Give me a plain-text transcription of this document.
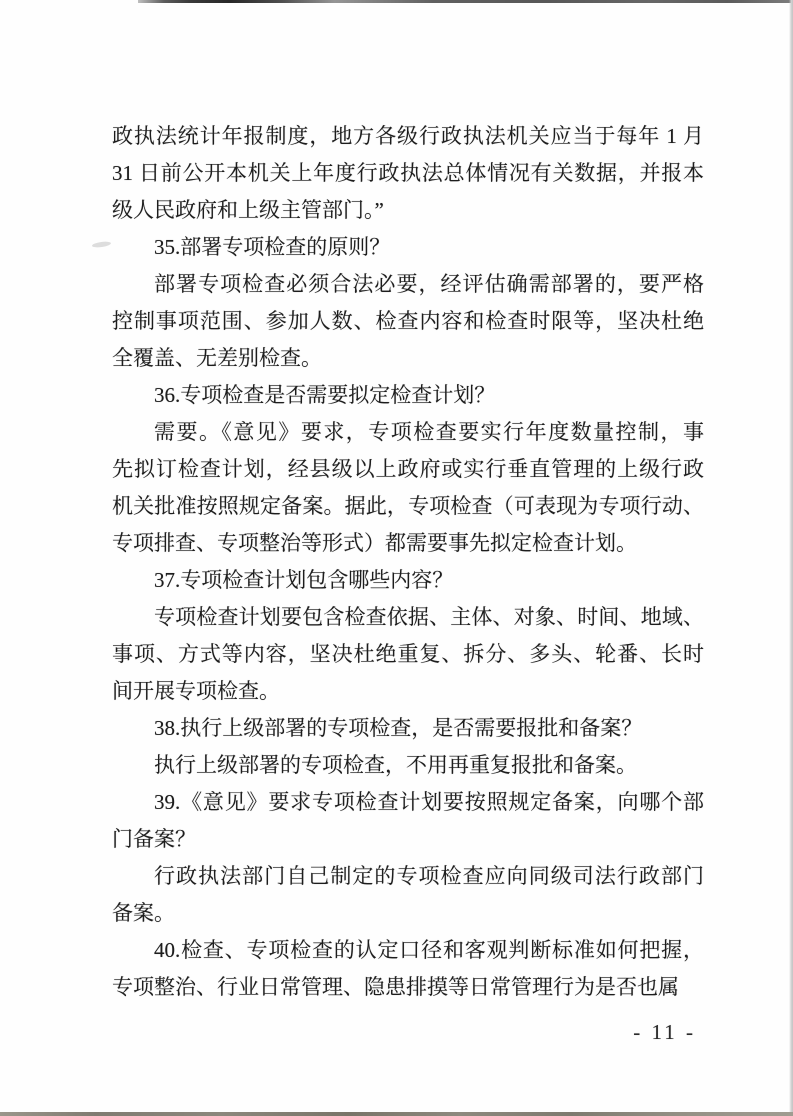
政执法统计年报制度，地方各级行政执法机关应当于每年 1 月
31 日前公开本机关上年度行政执法总体情况有关数据，并报本
级人民政府和上级主管部门。”
35.部署专项检查的原则？
部署专项检查必须合法必要，经评估确需部署的，要严格
控制事项范围、参加人数、检查内容和检查时限等，坚决杜绝
全覆盖、无差别检查。
36.专项检查是否需要拟定检查计划？
需要。《意见》要求，专项检查要实行年度数量控制，事
先拟订检查计划，经县级以上政府或实行垂直管理的上级行政
机关批准按照规定备案。据此，专项检查（可表现为专项行动、
专项排查、专项整治等形式）都需要事先拟定检查计划。
37.专项检查计划包含哪些内容？
专项检查计划要包含检查依据、主体、对象、时间、地域、
事项、方式等内容，坚决杜绝重复、拆分、多头、轮番、长时
间开展专项检查。
38.执行上级部署的专项检查，是否需要报批和备案？
执行上级部署的专项检查，不用再重复报批和备案。
39.《意见》要求专项检查计划要按照规定备案，向哪个部
门备案？
行政执法部门自己制定的专项检查应向同级司法行政部门
备案。
40.检查、专项检查的认定口径和客观判断标准如何把握，
专项整治、行业日常管理、隐患排摸等日常管理行为是否也属
- 11 -
